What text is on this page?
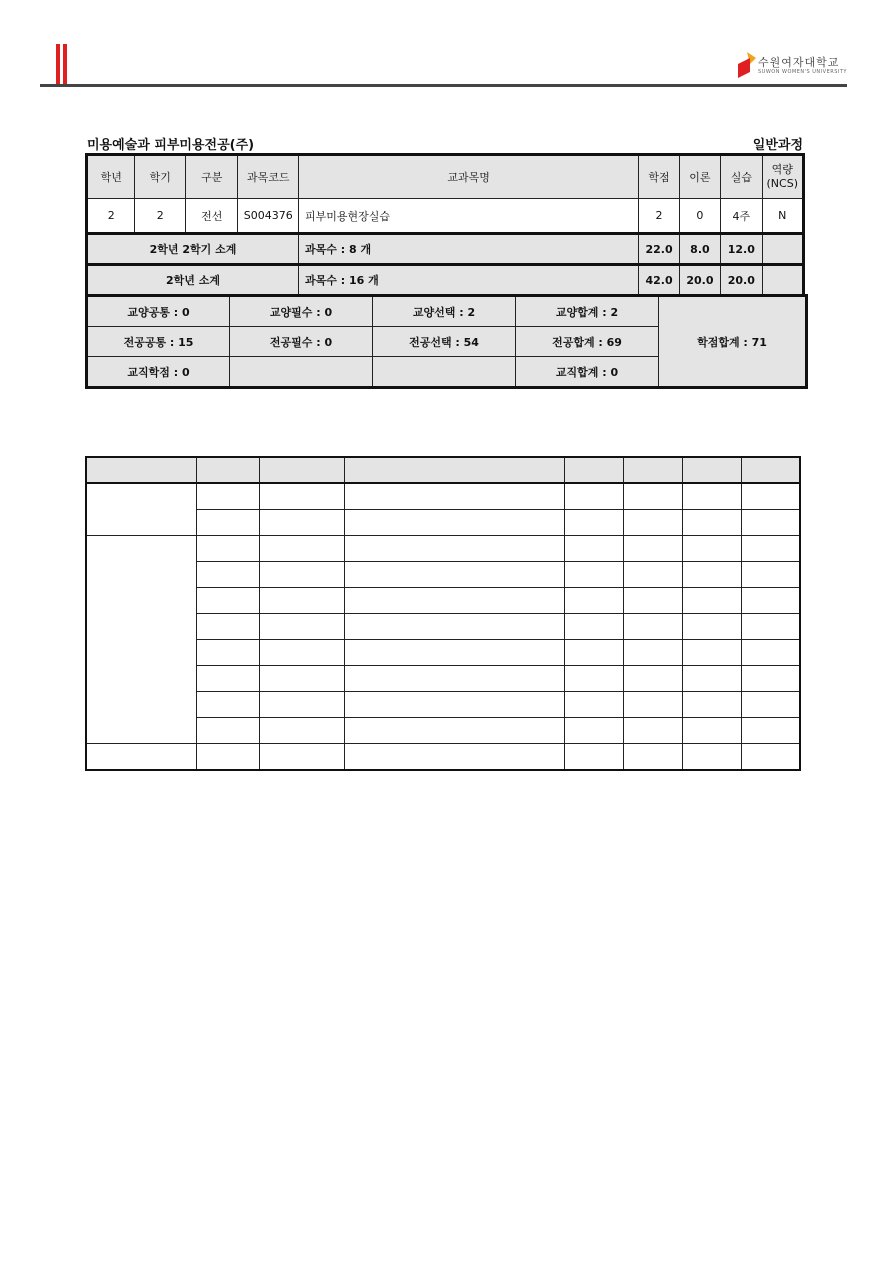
수원여자대학교
SUWON WOMEN'S UNIVERSITY
미용예술과 피부미용전공(주)	일반과정
학년	학기	구분	과목코드	교과목명	학점	이론	실습	역량
(NCS)
2	2	전선	S004376	피부미용현장실습	2	0	4주	N
2학년 2학기 소계				과목수 : 8 개	22.0	8.0	12.0	
2학년 소계				과목수 : 16 개	42.0	20.0	20.0	
교양공통 : 0	교양필수 : 0	교양선택 : 2	교양합계 : 2	학점합계 : 71
전공공통 : 15	전공필수 : 0	전공선택 : 54	전공합계 : 69	
교직학점 : 0			교직합계 : 0	
